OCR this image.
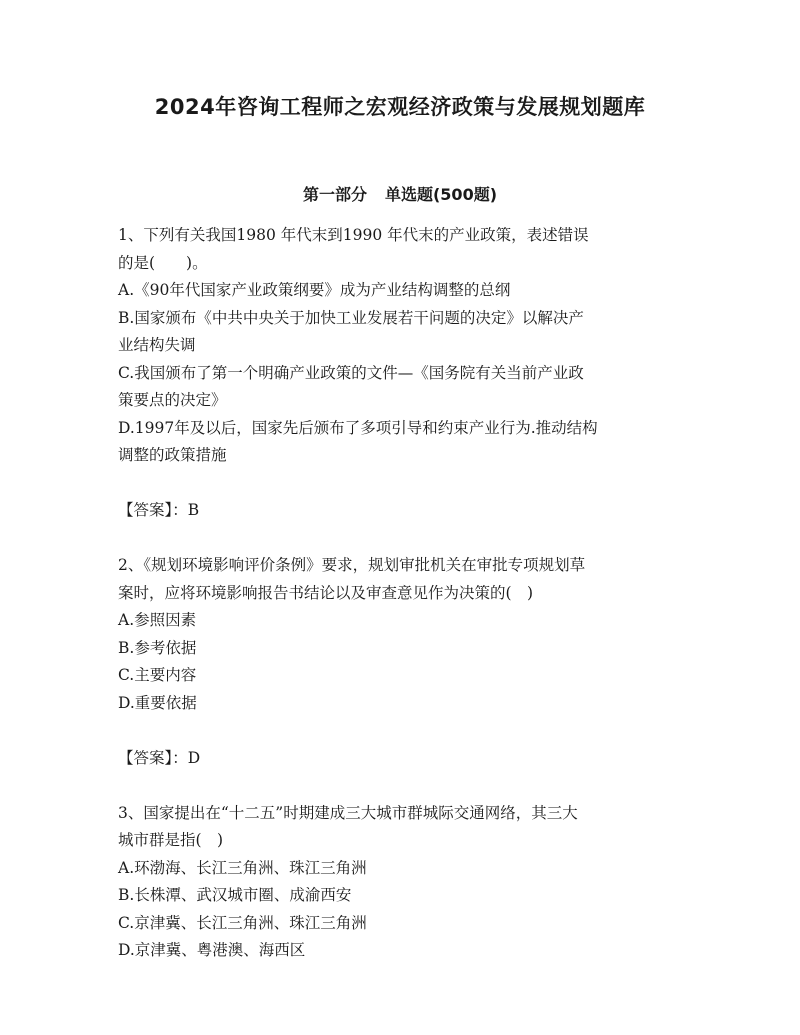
2024年咨询工程师之宏观经济政策与发展规划题库
第一部分 单选题(500题)
1、下列有关我国1980 年代末到1990 年代末的产业政策，表述错误
的是(　　)。
A.《90年代国家产业政策纲要》成为产业结构调整的总纲
B.国家颁布《中共中央关于加快工业发展若干问题的决定》以解决产
业结构失调
C.我国颁布了第一个明确产业政策的文件—《国务院有关当前产业政
策要点的决定》
D.1997年及以后，国家先后颁布了多项引导和约束产业行为.推动结构
调整的政策措施
【答案】：B
2、《规划环境影响评价条例》要求，规划审批机关在审批专项规划草
案时，应将环境影响报告书结论以及审查意见作为决策的(　)
A.参照因素
B.参考依据
C.主要内容
D.重要依据
【答案】：D
3、国家提出在“十二五”时期建成三大城市群城际交通网络，其三大
城市群是指(　)
A.环渤海、长江三角洲、珠江三角洲
B.长株潭、武汉城市圈、成渝西安
C.京津冀、长江三角洲、珠江三角洲
D.京津冀、粤港澳、海西区
